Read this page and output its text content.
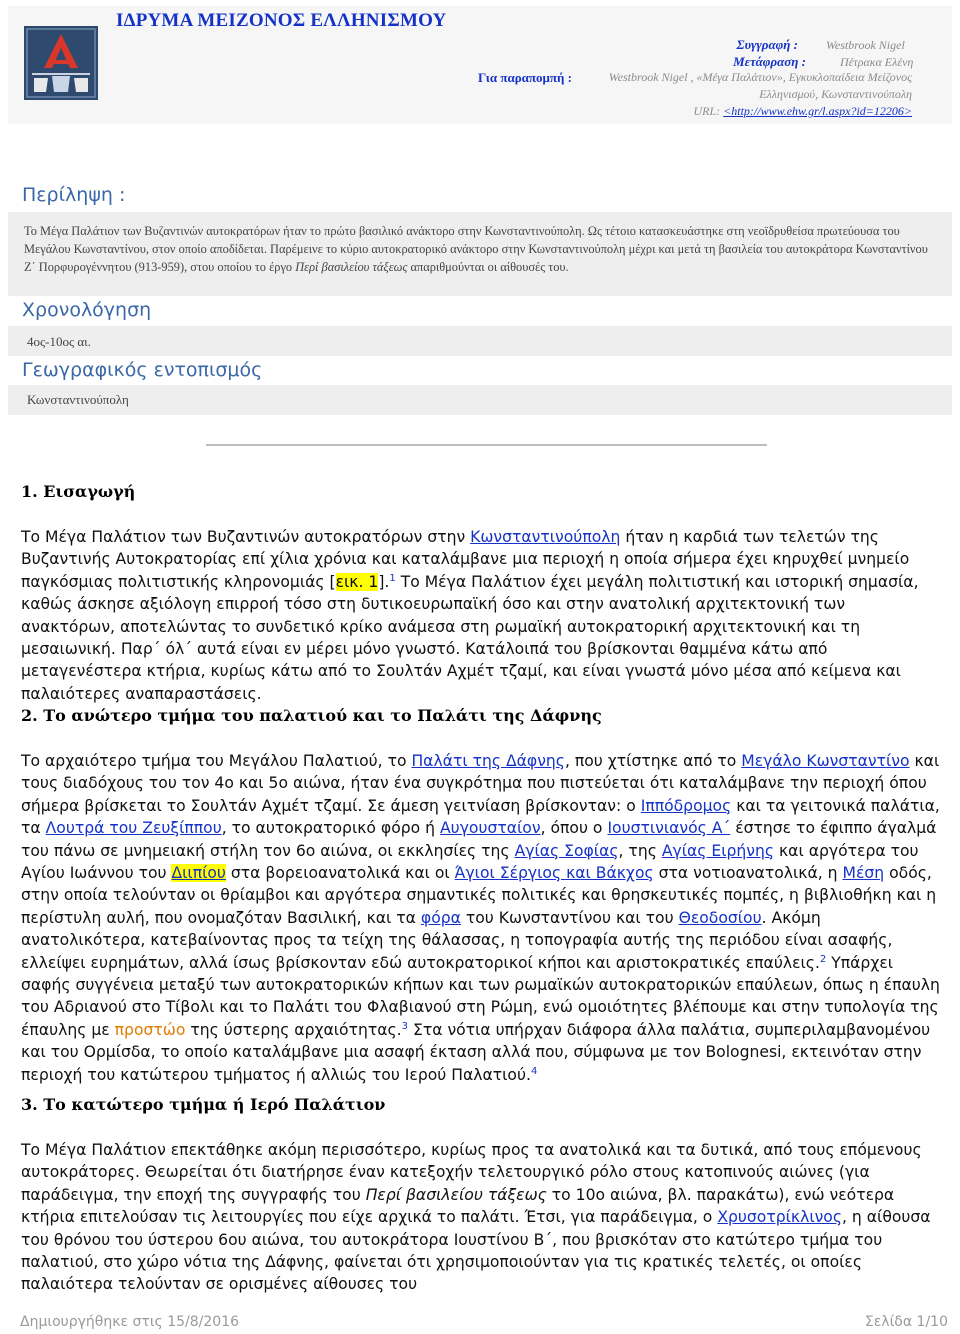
ΙΔΡΥΜΑ ΜΕΙΖΟΝΟΣ ΕΛΛΗΝΙΣΜΟΥ
Συγγραφή : Westbrook Nigel
Μετάφραση :	Πέτρακα Ελένη
Για παραπομπή :	Westbrook Nigel , «Μέγα Παλάτιον», Εγκυκλοπαίδεια Μείζονος Ελληνισμού, Κωνσταντινούπολη
URL: <http://www.ehw.gr/l.aspx?id=12206>
Περίληψη :

Το Μέγα Παλάτιον των Βυζαντινών αυτοκρατόρων ήταν το πρώτο βασιλικό ανάκτορο στην Κωνσταντινούπολη. Ως τέτοιο κατασκευάστηκε στη νεοϊδρυθείσα πρωτεύουσα του Μεγάλου Κωνσταντίνου, στον οποίο αποδίδεται. Παρέμεινε το κύριο αυτοκρατορικό ανάκτορο στην Κωνσταντινούπολη μέχρι και μετά τη βασιλεία του αυτοκράτορα Κωνσταντίνου Ζ΄ Πορφυρογέννητου (913-959), στου οποίου το έργο Περί βασιλείου τάξεως απαριθμούνται οι αίθουσές του.

Χρονολόγηση
4ος-10ος αι.
Γεωγραφικός εντοπισμός
Κωνσταντινούπολη
1. Εισαγωγή

Το Μέγα Παλάτιον των Βυζαντινών αυτοκρατόρων στην Κωνσταντινούπολη ήταν η καρδιά των τελετών της Βυζαντινής Αυτοκρατορίας επί χίλια χρόνια και καταλάμβανε μια περιοχή η οποία σήμερα έχει κηρυχθεί μνημείο παγκόσμιας πολιτιστικής κληρονομιάς [εικ. 1].$^1$ Το Μέγα Παλάτιον έχει μεγάλη πολιτιστική και ιστορική σημασία, καθώς άσκησε αξιόλογη επιρροή τόσο στη δυτικοευρωπαϊκή όσο και στην ανατολική αρχιτεκτονική των ανακτόρων, αποτελώντας το συνδετικό κρίκο ανάμεσα στη ρωμαϊκή αυτοκρατορική αρχιτεκτονική και τη μεσαιωνική. Παρ΄ όλ΄ αυτά είναι εν μέρει μόνο γνωστό. Κατάλοιπά του βρίσκονται θαμμένα κάτω από μεταγενέστερα κτήρια, κυρίως κάτω από το Σουλτάν Αχμέτ τζαμί, και είναι γνωστά μόνο μέσα από κείμενα και παλαιότερες αναπαραστάσεις.

2. Το ανώτερο τμήμα του παλατιού και το Παλάτι της Δάφνης

Το αρχαιότερο τμήμα του Μεγάλου Παλατιού, το Παλάτι της Δάφνης, που χτίστηκε από το Μεγάλο Κωνσταντίνο και τους διαδόχους του τον 4ο και 5ο αιώνα, ήταν ένα συγκρότημα που πιστεύεται ότι καταλάμβανε την περιοχή όπου σήμερα βρίσκεται το Σουλτάν Αχμέτ τζαμί. Σε άμεση γειτνίαση βρίσκονταν: ο Ιππόδρομος και τα γειτονικά παλάτια, τα Λουτρά του Ζευξίππου, το αυτοκρατορικό φόρο ή Αυγουσταίον, όπου ο Ιουστινιανός Α΄ έστησε το έφιππο άγαλμά του πάνω σε μνημειακή στήλη τον 6ο αιώνα, οι εκκλησίες της Αγίας Σοφίας, της Αγίας Ειρήνης και αργότερα του Αγίου Ιωάννου του Διιπίου στα βορειοανατολικά και οι Άγιοι Σέργιος και Βάκχος στα νοτιοανατολικά, η Μέση οδός, στην οποία τελούνταν οι θρίαμβοι και αργότερα σημαντικές πολιτικές και θρησκευτικές πομπές, η βιβλιοθήκη και η περίστυλη αυλή, που ονομαζόταν Βασιλική, και τα φόρα του Κωνσταντίνου και του Θεοδοσίου. Ακόμη ανατολικότερα, κατεβαίνοντας προς τα τείχη της θάλασσας, η τοπογραφία αυτής της περιόδου είναι ασαφής, ελλείψει ευρημάτων, αλλά ίσως βρίσκονταν εδώ αυτοκρατορικοί κήποι και αριστοκρατικές επαύλεις.$^2$ Υπάρχει σαφής συγγένεια μεταξύ των αυτοκρατορικών κήπων και των ρωμαϊκών αυτοκρατορικών επαύλεων, όπως η έπαυλη του Αδριανού στο Τίβολι και το Παλάτι του Φλαβιανού στη Ρώμη, ενώ ομοιότητες βλέπουμε και στην τυπολογία της έπαυλης με προστώο της ύστερης αρχαιότητας.$^3$ Στα νότια υπήρχαν διάφορα άλλα παλάτια, συμπεριλαμβανομένου και του Ορμίσδα, το οποίο καταλάμβανε μια ασαφή έκταση αλλά που, σύμφωνα με τον Bolognesi, εκτεινόταν στην περιοχή του κατώτερου τμήματος ή αλλιώς του Ιερού Παλατιού.$^4$

3. Το κατώτερο τμήμα ή Ιερό Παλάτιον

Το Μέγα Παλάτιον επεκτάθηκε ακόμη περισσότερο, κυρίως προς τα ανατολικά και τα δυτικά, από τους επόμενους αυτοκράτορες. Θεωρείται ότι διατήρησε έναν κατεξοχήν τελετουργικό ρόλο στους κατοπινούς αιώνες (για παράδειγμα, την εποχή της συγγραφής του Περί βασιλείου τάξεως το 10ο αιώνα, βλ. παρακάτω), ενώ νεότερα κτήρια επιτελούσαν τις λειτουργίες που είχε αρχικά το παλάτι. Έτσι, για παράδειγμα, ο Χρυσοτρίκλινος, η αίθουσα του θρόνου του ύστερου 6ου αιώνα, του αυτοκράτορα Ιουστίνου Β΄, που βρισκόταν στο κατώτερο τμήμα του παλατιού, στο χώρο νότια της Δάφνης, φαίνεται ότι χρησιμοποιούνταν για τις κρατικές τελετές, οι οποίες παλαιότερα τελούνταν σε ορισμένες αίθουσες του

Δημιουργήθηκε στις 15/8/2016	Σελίδα 1/10
